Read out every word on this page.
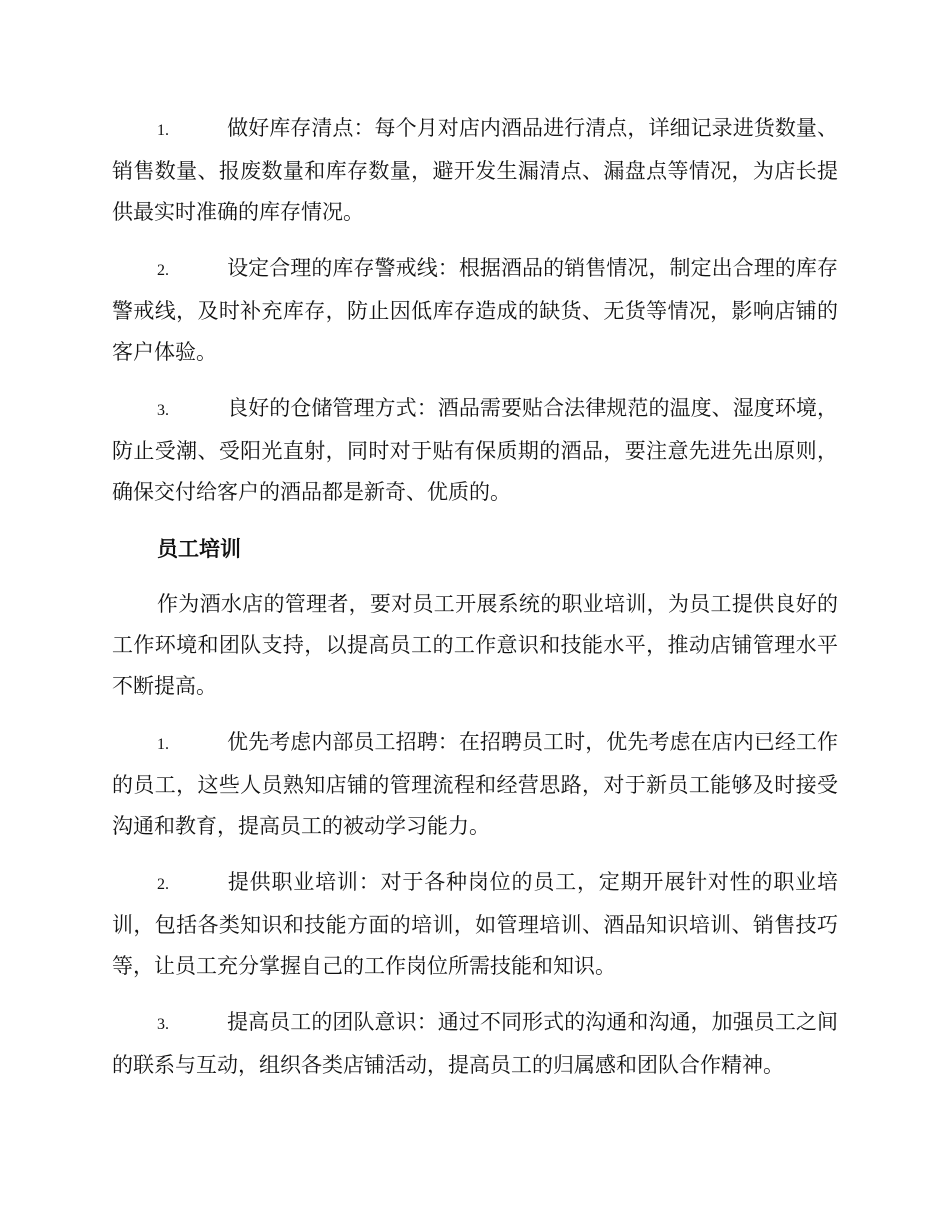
1.	做好库存清点：每个月对店内酒品进行清点，详细记录进货数量、销售数量、报废数量和库存数量，避开发生漏清点、漏盘点等情况，为店长提供最实时准确的库存情况。

2.	设定合理的库存警戒线：根据酒品的销售情况，制定出合理的库存警戒线，及时补充库存，防止因低库存造成的缺货、无货等情况，影响店铺的客户体验。

3.	良好的仓储管理方式：酒品需要贴合法律规范的温度、湿度环境，防止受潮、受阳光直射，同时对于贴有保质期的酒品，要注意先进先出原则，确保交付给客户的酒品都是新奇、优质的。

员工培训

作为酒水店的管理者，要对员工开展系统的职业培训，为员工提供良好的工作环境和团队支持，以提高员工的工作意识和技能水平，推动店铺管理水平不断提高。

1.	优先考虑内部员工招聘：在招聘员工时，优先考虑在店内已经工作的员工，这些人员熟知店铺的管理流程和经营思路，对于新员工能够及时接受沟通和教育，提高员工的被动学习能力。

2.	提供职业培训：对于各种岗位的员工，定期开展针对性的职业培训，包括各类知识和技能方面的培训，如管理培训、酒品知识培训、销售技巧等，让员工充分掌握自己的工作岗位所需技能和知识。

3.	提高员工的团队意识：通过不同形式的沟通和沟通，加强员工之间的联系与互动，组织各类店铺活动，提高员工的归属感和团队合作精神。
